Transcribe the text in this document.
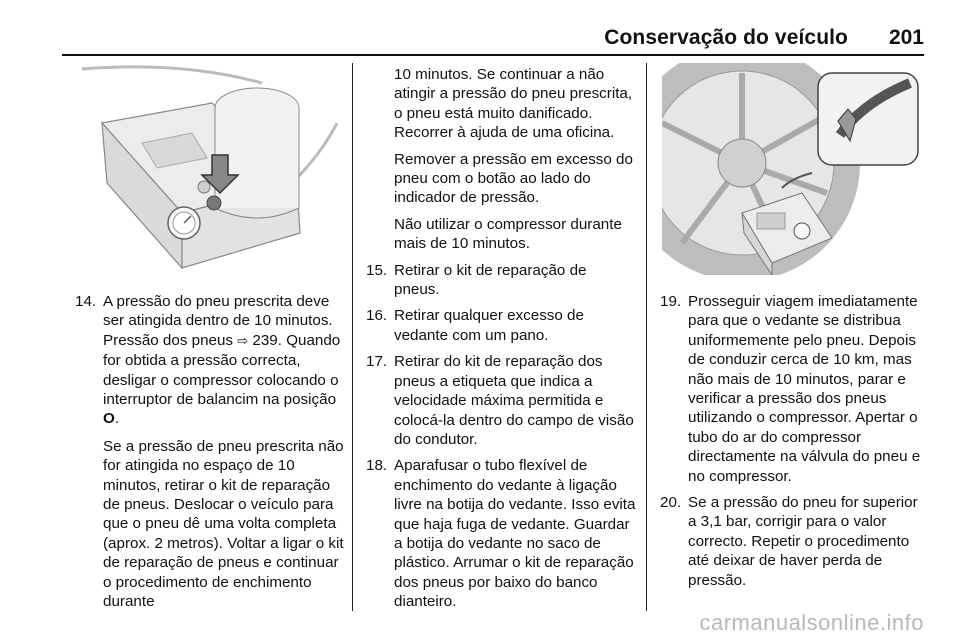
Conservação do veículo 201
14. A pressão do pneu prescrita deve ser atingida dentro de 10 minutos. Pressão dos pneus ⇨ 239. Quando for obtida a pressão correcta, desligar o compressor colocando o interruptor de balancim na posição O.
Se a pressão de pneu prescrita não for atingida no espaço de 10 minutos, retirar o kit de reparação de pneus. Deslocar o veículo para que o pneu dê uma volta completa (aprox. 2 metros). Voltar a ligar o kit de reparação de pneus e continuar o procedimento de enchimento durante

10 minutos. Se continuar a não atingir a pressão do pneu prescrita, o pneu está muito danificado. Recorrer à ajuda de uma oficina.

Remover a pressão em excesso do pneu com o botão ao lado do indicador de pressão.

Não utilizar o compressor durante mais de 10 minutos.

15. Retirar o kit de reparação de pneus.
16. Retirar qualquer excesso de vedante com um pano.
17. Retirar do kit de reparação dos pneus a etiqueta que indica a velocidade máxima permitida e colocá-la dentro do campo de visão do condutor.
18. Aparafusar o tubo flexível de enchimento do vedante à ligação livre na botija do vedante. Isso evita que haja fuga de vedante. Guardar a botija do vedante no saco de plástico. Arrumar o kit de reparação dos pneus por baixo do banco dianteiro.
19. Prosseguir viagem imediatamente para que o vedante se distribua uniformemente pelo pneu. Depois de conduzir cerca de 10 km, mas não mais de 10 minutos, parar e verificar a pressão dos pneus utilizando o compressor. Apertar o tubo do ar do compressor directamente na válvula do pneu e no compressor.
20. Se a pressão do pneu for superior a 3,1 bar, corrigir para o valor correcto. Repetir o procedimento até deixar de haver perda de pressão.
carmanualsonline.info
